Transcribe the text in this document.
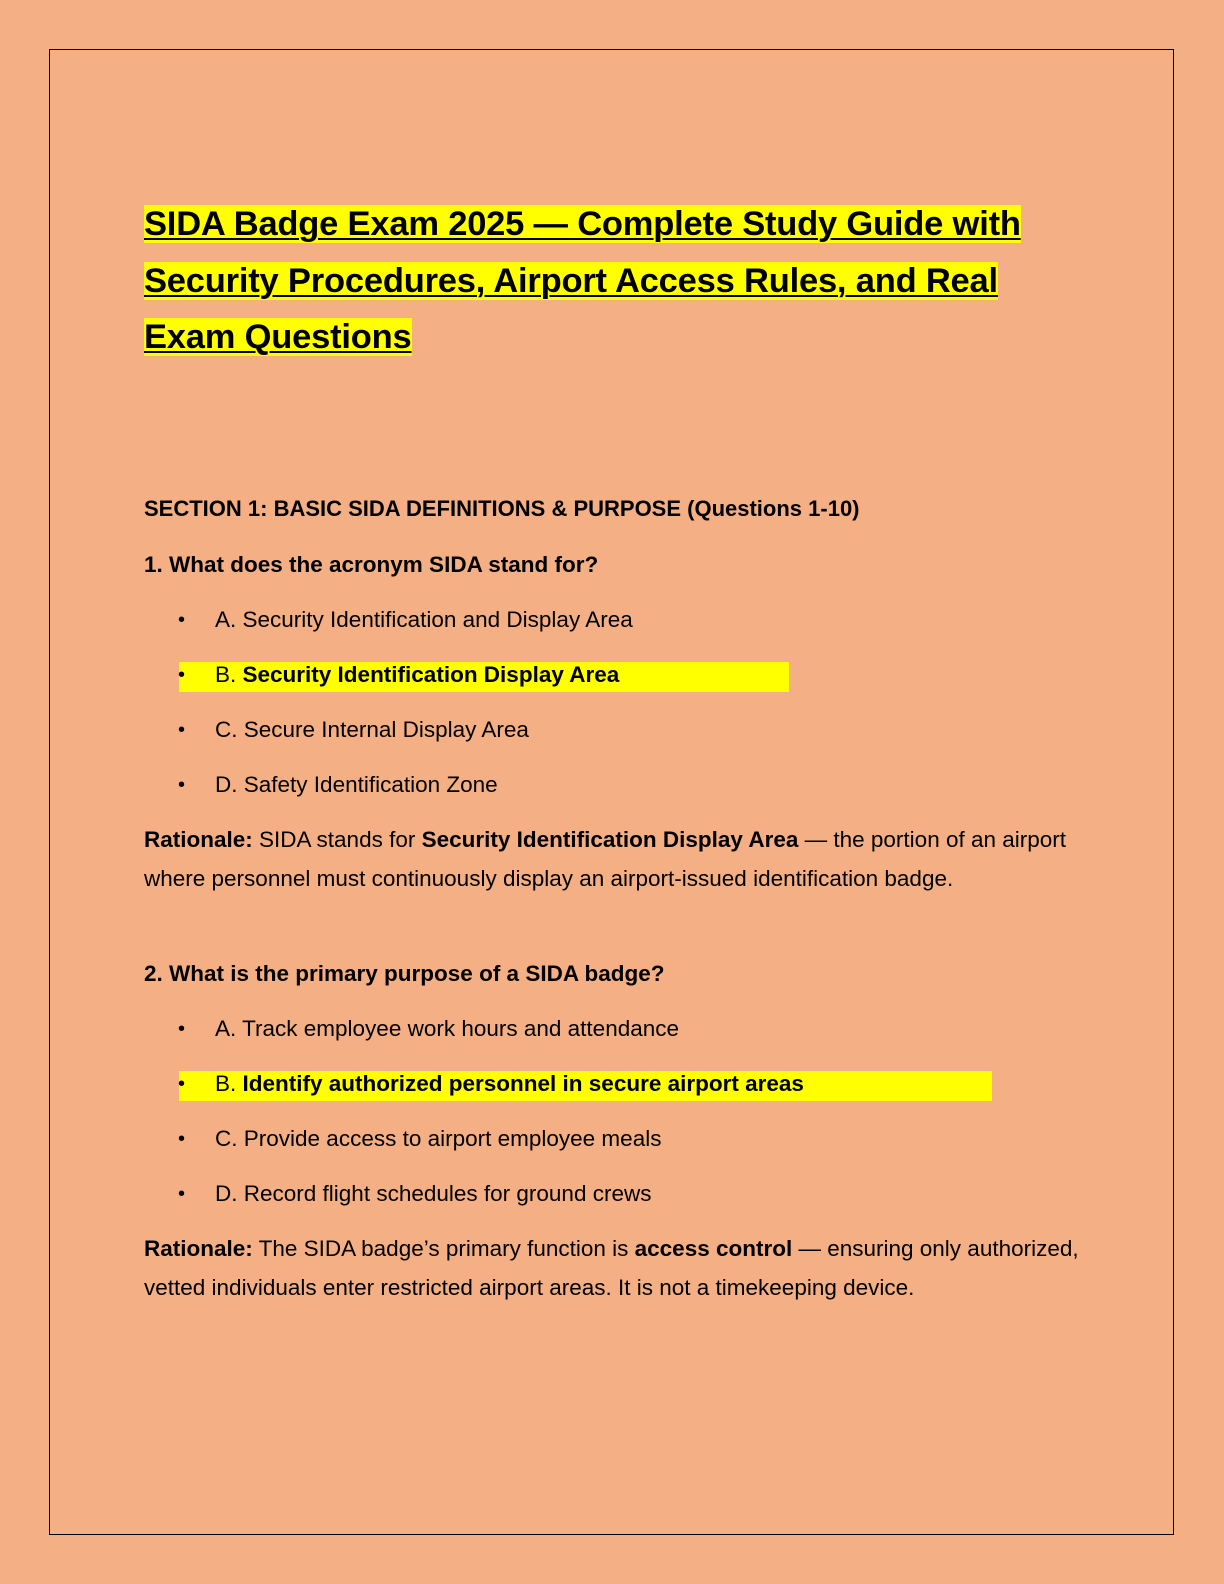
SIDA Badge Exam 2025 — Complete Study Guide with
Security Procedures, Airport Access Rules, and Real
Exam Questions
SECTION 1: BASIC SIDA DEFINITIONS & PURPOSE (Questions 1-10)
1. What does the acronym SIDA stand for?
• A. Security Identification and Display Area
• B. Security Identification Display Area
• C. Secure Internal Display Area
• D. Safety Identification Zone
Rationale: SIDA stands for Security Identification Display Area — the portion of an airport where personnel must continuously display an airport-issued identification badge.
2. What is the primary purpose of a SIDA badge?
• A. Track employee work hours and attendance
• B. Identify authorized personnel in secure airport areas
• C. Provide access to airport employee meals
• D. Record flight schedules for ground crews
Rationale: The SIDA badge’s primary function is access control — ensuring only authorized, vetted individuals enter restricted airport areas. It is not a timekeeping device.
